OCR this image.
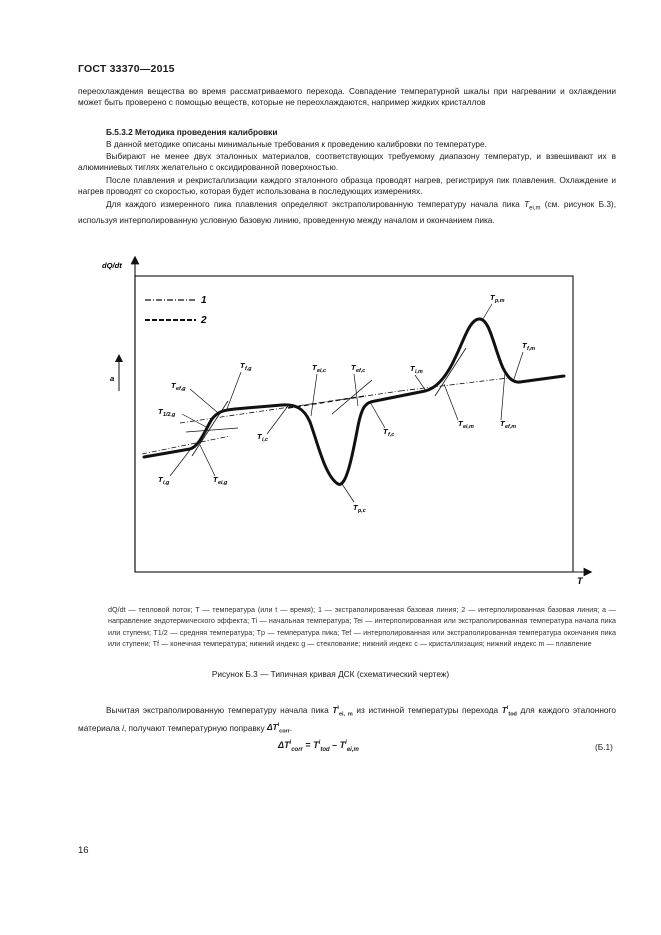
ГОСТ 33370—2015

переохлаждения вещества во время рассматриваемого перехода. Совпадение температурной шкалы при нагревании и охлаждении может быть проверено с помощью веществ, которые не переохлаждаются, например жидких кристаллов

Б.5.3.2 Методика проведения калибровки

В данной методике описаны минимальные требования к проведению калибровки по температуре.

Выбирают не менее двух эталонных материалов, соответствующих требуемому диапазону температур, и взвешивают их в алюминиевых тиглях желательно с оксидированной поверхностью.

После плавления и рекристаллизации каждого эталонного образца проводят нагрев, регистрируя пик плавления. Охлаждение и нагрев проводят со скоростью, которая будет использована в последующих измерениях.

Для каждого измеренного пика плавления определяют экстраполированную температуру начала пика $T_{ei,m}$ (см. рисунок Б.3), используя интерполированную условную базовую линию, проведенную между началом и окончанием пика.

a
dQ/dt
T
1
2
T p,m
T f,m
T f,g
T ef,g
T 1/2,g
T i,g	T ei,g
T ei,c	T ef,c
T i,c
T f,c
T p,c
T i,m
T ei,m	T ef,m

dQ/dt — тепловой поток; T — температура (или t — время); 1 — экстраполированная базовая линия; 2 — интерполированная базовая линия; a — направление эндотермического эффекта; Ti — начальная температура; Tei — интерполированная или экстраполированная температура начала пика или ступени; T1/2 — средняя температура; Tp — температура пика; Tef — интерполированная или экстраполированная температура окончания пика или ступени; Tf — конечная температура; нижний индекс g — стеклование; нижний индекс c — кристаллизация; нижний индекс m — плавление

Рисунок Б.3 — Типичная кривая ДСК (схематический чертеж)

Вычитая экстраполированную температуру начала пика $T^i_{ei, m}$ из истинной температуры перехода $T^i_{tod}$ для каждого эталонного материала i, получают температурную поправку $\Delta T^i_{corr}$.

$\Delta T^i_{corr} = T^i_{tod} - T^i_{ei,m}$	(Б.1)
16
